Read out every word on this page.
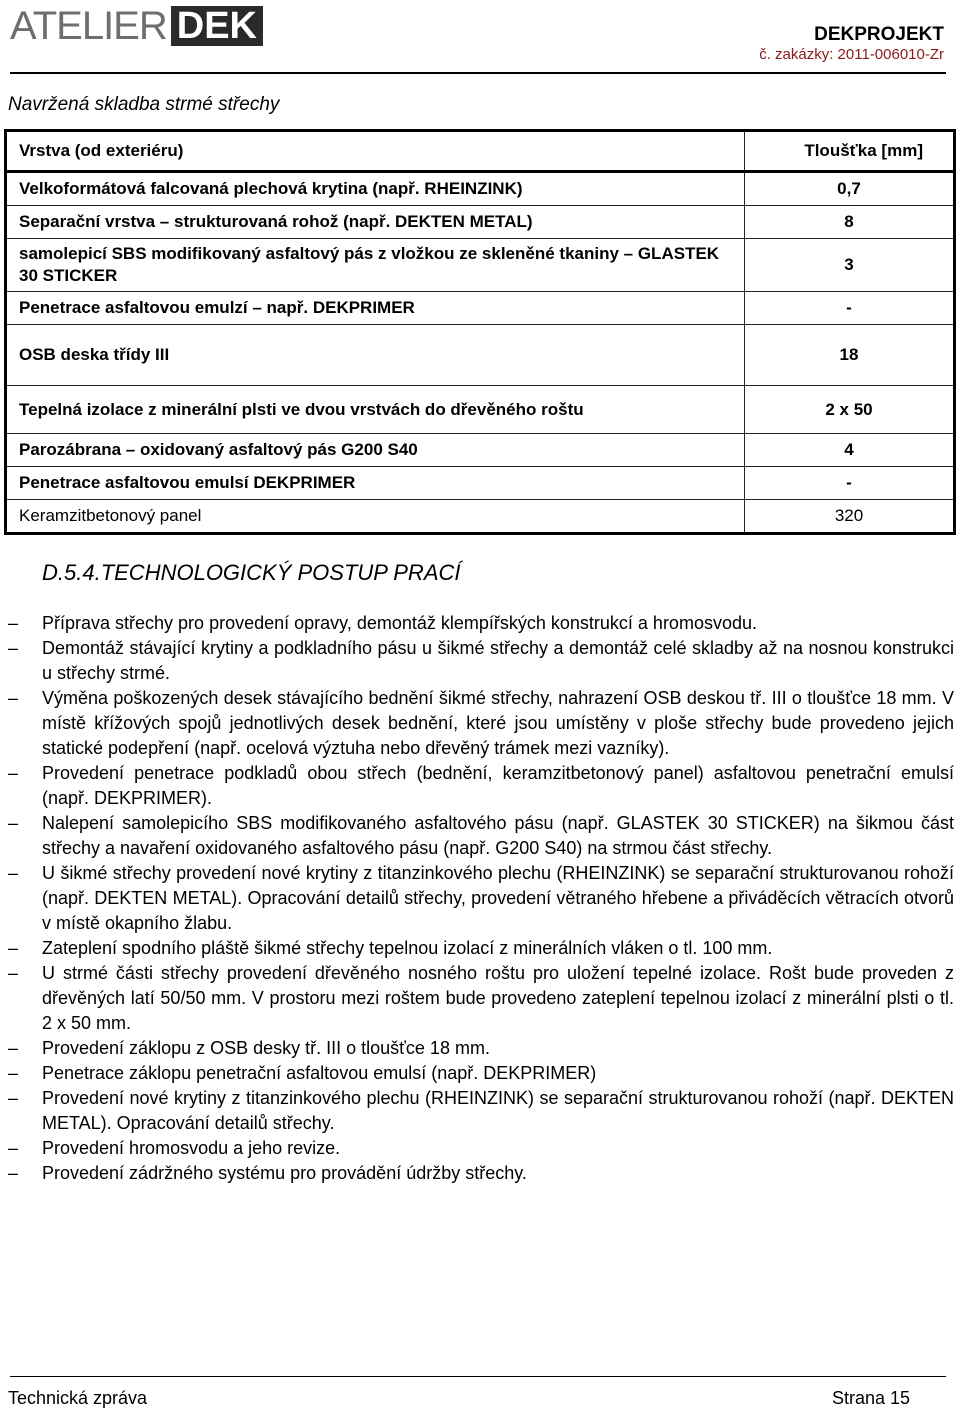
ATELIER DEK	DEKPROJEKT
č. zakázky: 2011-006010-Zr
Navržená skladba strmé střechy
Vrstva (od exteriéru)	Tloušťka [mm]
Velkoformátová falcovaná plechová krytina (např. RHEINZINK)	0,7
Separační vrstva – strukturovaná rohož (např. DEKTEN METAL)	8
samolepicí SBS modifikovaný asfaltový pás z vložkou ze skleněné tkaniny – GLASTEK 30 STICKER	3
Penetrace asfaltovou emulzí – např. DEKPRIMER	-
OSB deska třídy III	18
Tepelná izolace z minerální plsti ve dvou vrstvách do dřevěného roštu	2 x 50
Parozábrana – oxidovaný asfaltový pás G200 S40	4
Penetrace asfaltovou emulsí DEKPRIMER	-
Keramzitbetonový panel	320
D.5.4.TECHNOLOGICKÝ POSTUP PRACÍ
–	Příprava střechy pro provedení opravy, demontáž klempířských konstrukcí a hromosvodu.
–	Demontáž stávající krytiny a podkladního pásu u šikmé střechy a demontáž celé skladby až na nosnou konstrukci u střechy strmé.
–	Výměna poškozených desek stávajícího bednění šikmé střechy, nahrazení OSB deskou tř. III o tloušťce 18 mm. V místě křížových spojů jednotlivých desek bednění, které jsou umístěny v ploše střechy bude provedeno jejich statické podepření (např. ocelová výztuha nebo dřevěný trámek mezi vazníky).
–	Provedení penetrace podkladů obou střech (bednění, keramzitbetonový panel) asfaltovou penetrační emulsí (např. DEKPRIMER).
–	Nalepení samolepicího SBS modifikovaného asfaltového pásu (např. GLASTEK 30 STICKER) na šikmou část střechy a navaření oxidovaného asfaltového pásu (např. G200 S40) na strmou část střechy.
–	U šikmé střechy provedení nové krytiny z titanzinkového plechu (RHEINZINK) se separační strukturovanou rohoží (např. DEKTEN METAL). Opracování detailů střechy, provedení větraného hřebene a přiváděcích větracích otvorů v místě okapního žlabu.
–	Zateplení spodního pláště šikmé střechy tepelnou izolací z minerálních vláken o tl. 100 mm.
–	U strmé části střechy provedení dřevěného nosného roštu pro uložení tepelné izolace. Rošt bude proveden z dřevěných latí 50/50 mm. V prostoru mezi roštem bude provedeno zateplení tepelnou izolací z minerální plsti o tl. 2 x 50 mm.
–	Provedení záklopu z OSB desky tř. III o tloušťce 18 mm.
–	Penetrace záklopu penetrační asfaltovou emulsí (např. DEKPRIMER)
–	Provedení nové krytiny z titanzinkového plechu (RHEINZINK) se separační strukturovanou rohoží (např. DEKTEN METAL). Opracování detailů střechy.
–	Provedení hromosvodu a jeho revize.
–	Provedení zádržného systému pro provádění údržby střechy.
Technická zpráva	Strana 15
